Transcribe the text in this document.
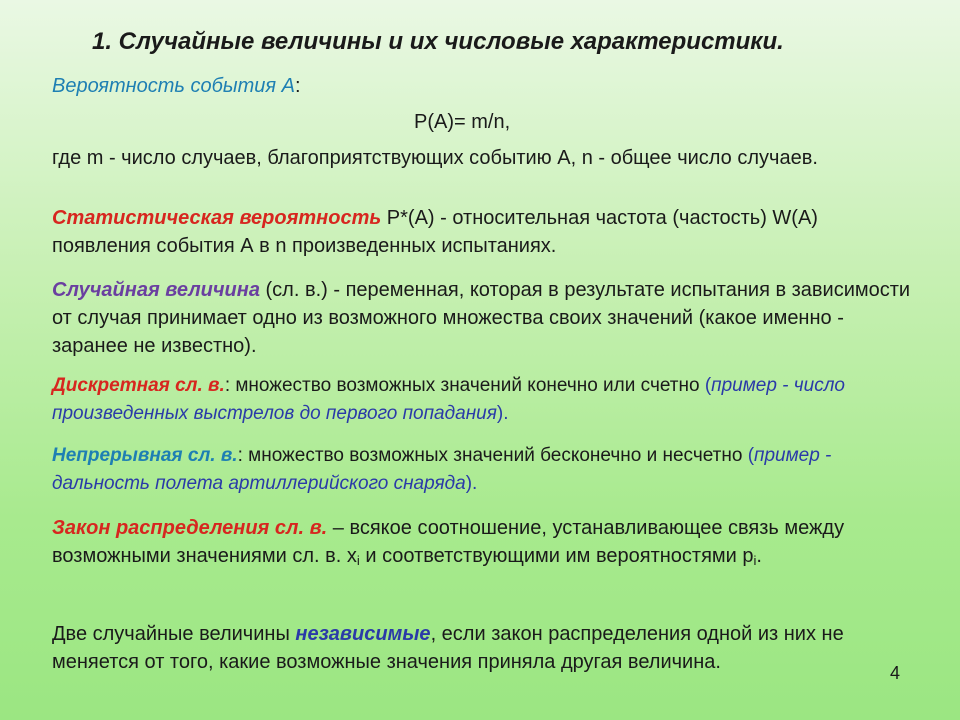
1. Случайные величины и их числовые характеристики.
Вероятность события А:
Р(А)= m/n,
где m - число случаев, благоприятствующих событию А, n - общее число случаев.
Статистическая вероятность Р*(А) - относительная частота (частость) W(А) появления события А в n произведенных испытаниях.
Случайная величина (сл. в.) - переменная, которая в результате испытания в зависимости от случая принимает одно из возможного множества своих значений (какое именно - заранее не известно).
Дискретная сл. в.: множество возможных значений конечно или счетно (пример - число произведенных выстрелов до первого попадания).
Непрерывная сл. в.: множество возможных значений бесконечно и несчетно (пример - дальность полета артиллерийского снаряда).
Закон распределения сл. в. – всякое соотношение, устанавливающее связь между возможными значениями сл. в. $x_i$ и соответствующими им вероятностями $p_i$.
Две случайные величины независимые, если закон распределения одной из них не меняется от того, какие возможные значения приняла другая величина.	4
